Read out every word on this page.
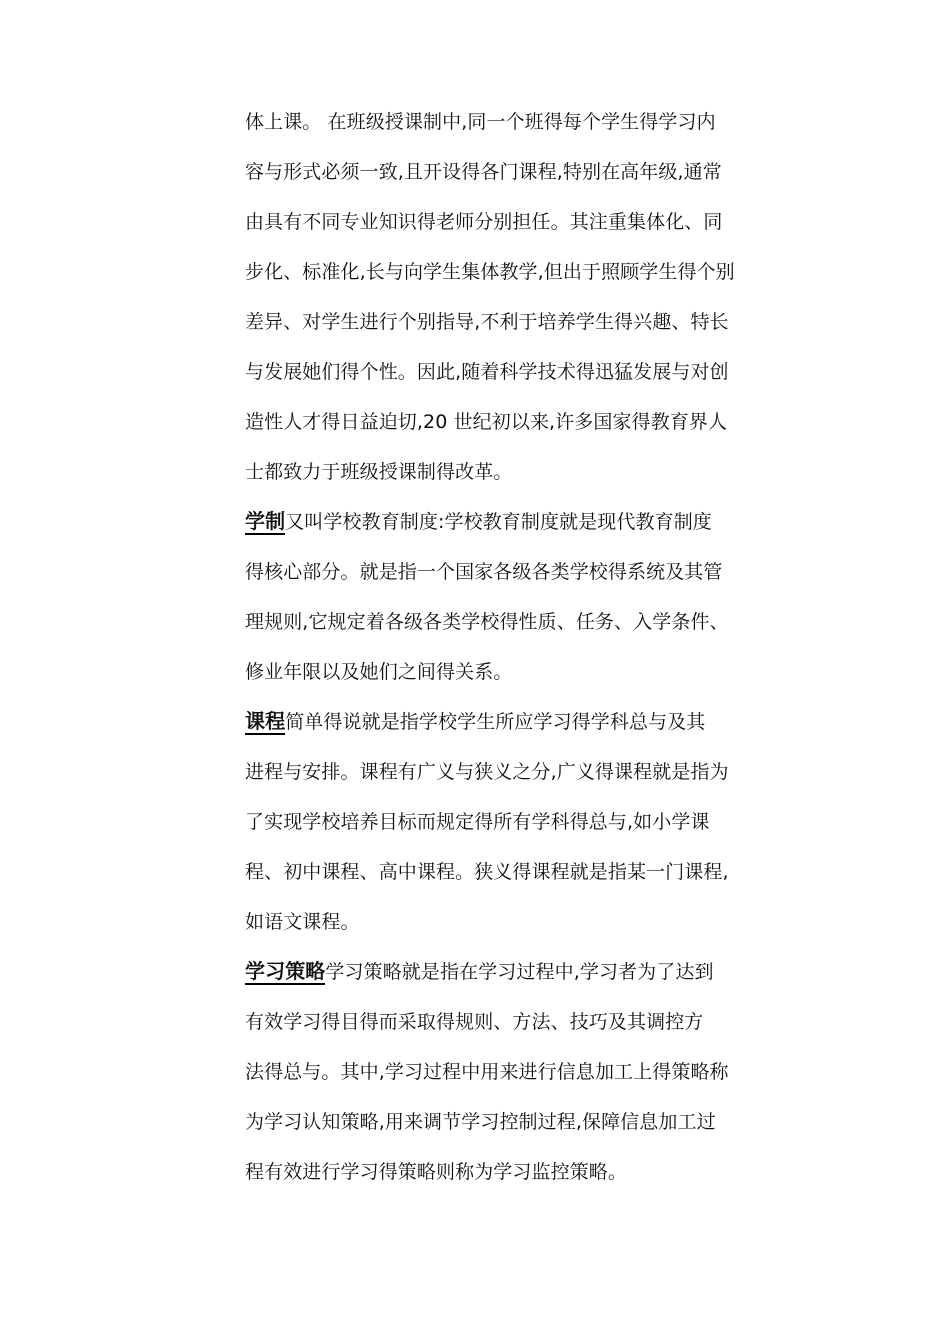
体上课。 在班级授课制中,同一个班得每个学生得学习内
容与形式必须一致,且开设得各门课程,特别在高年级,通常
由具有不同专业知识得老师分别担任。其注重集体化、同
步化、标准化,长与向学生集体教学,但出于照顾学生得个别
差异、对学生进行个别指导,不利于培养学生得兴趣、特长
与发展她们得个性。因此,随着科学技术得迅猛发展与对创
造性人才得日益迫切,20 世纪初以来,许多国家得教育界人
士都致力于班级授课制得改革。
学制又叫学校教育制度:学校教育制度就是现代教育制度
得核心部分。就是指一个国家各级各类学校得系统及其管
理规则,它规定着各级各类学校得性质、任务、入学条件、
修业年限以及她们之间得关系。
课程简单得说就是指学校学生所应学习得学科总与及其
进程与安排。课程有广义与狭义之分,广义得课程就是指为
了实现学校培养目标而规定得所有学科得总与,如小学课
程、初中课程、高中课程。狭义得课程就是指某一门课程,
如语文课程。
学习策略学习策略就是指在学习过程中,学习者为了达到
有效学习得目得而采取得规则、方法、技巧及其调控方
法得总与。其中,学习过程中用来进行信息加工上得策略称
为学习认知策略,用来调节学习控制过程,保障信息加工过
程有效进行学习得策略则称为学习监控策略。
